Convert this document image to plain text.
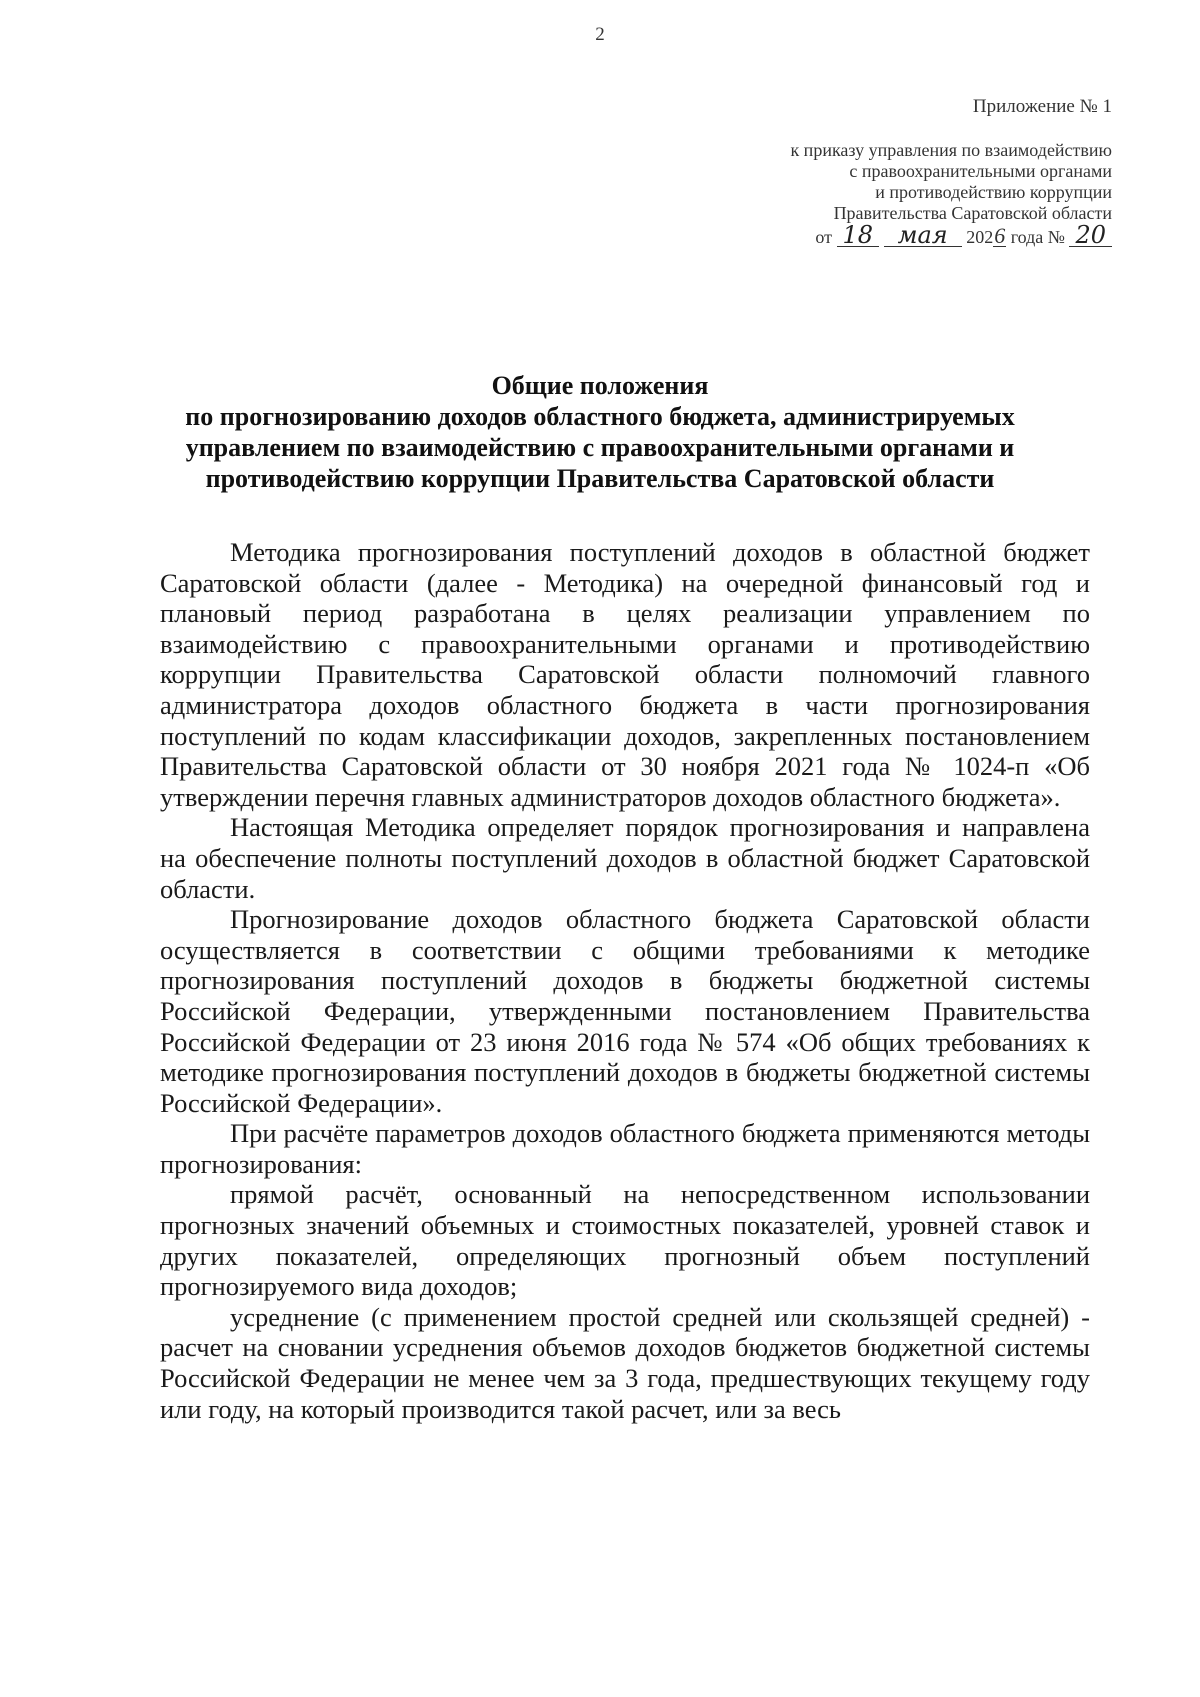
2
Приложение № 1
к приказу управления по взаимодействию
с правоохранительными органами
и противодействию коррупции
Правительства Саратовской области
от 18 мая 2026 года № 20
Общие положения
по прогнозированию доходов областного бюджета, администрируемых
управлением по взаимодействию с правоохранительными органами и
противодействию коррупции Правительства Саратовской области

Методика прогнозирования поступлений доходов в областной бюджет Саратовской области (далее - Методика) на очередной финансовый год и плановый период разработана в целях реализации управлением по взаимодействию с правоохранительными органами и противодействию коррупции Правительства Саратовской области полномочий главного администратора доходов областного бюджета в части прогнозирования поступлений по кодам классификации доходов, закрепленных постановлением Правительства Саратовской области от 30 ноября 2021 года № 1024-п «Об утверждении перечня главных администраторов доходов областного бюджета».

Настоящая Методика определяет порядок прогнозирования и направлена на обеспечение полноты поступлений доходов в областной бюджет Саратовской области.

Прогнозирование доходов областного бюджета Саратовской области осуществляется в соответствии с общими требованиями к методике прогнозирования поступлений доходов в бюджеты бюджетной системы Российской Федерации, утвержденными постановлением Правительства Российской Федерации от 23 июня 2016 года № 574 «Об общих требованиях к методике прогнозирования поступлений доходов в бюджеты бюджетной системы Российской Федерации».

При расчёте параметров доходов областного бюджета применяются методы прогнозирования:

прямой расчёт, основанный на непосредственном использовании прогнозных значений объемных и стоимостных показателей, уровней ставок и других показателей, определяющих прогнозный объем поступлений прогнозируемого вида доходов;

усреднение (с применением простой средней или скользящей средней) - расчет на сновании усреднения объемов доходов бюджетов бюджетной системы Российской Федерации не менее чем за 3 года, предшествующих текущему году или году, на который производится такой расчет, или за весь
